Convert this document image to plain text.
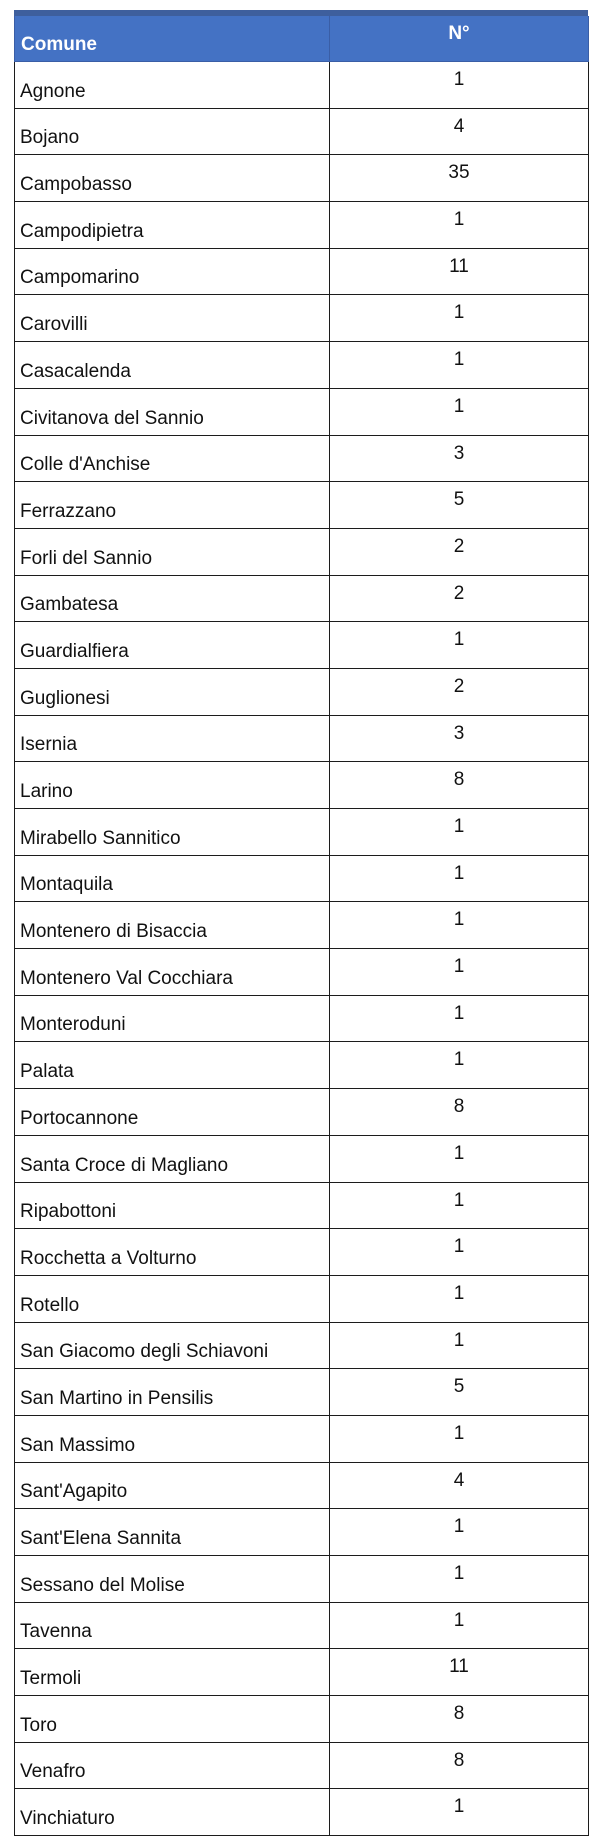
Comune	N°
Agnone	1
Bojano	4
Campobasso	35
Campodipietra	1
Campomarino	11
Carovilli	1
Casacalenda	1
Civitanova del Sannio	1
Colle d'Anchise	3
Ferrazzano	5
Forli del Sannio	2
Gambatesa	2
Guardialfiera	1
Guglionesi	2
Isernia	3
Larino	8
Mirabello Sannitico	1
Montaquila	1
Montenero di Bisaccia	1
Montenero Val Cocchiara	1
Monteroduni	1
Palata	1
Portocannone	8
Santa Croce di Magliano	1
Ripabottoni	1
Rocchetta a Volturno	1
Rotello	1
San Giacomo degli Schiavoni	1
San Martino in Pensilis	5
San Massimo	1
Sant'Agapito	4
Sant'Elena Sannita	1
Sessano del Molise	1
Tavenna	1
Termoli	11
Toro	8
Venafro	8
Vinchiaturo	1
